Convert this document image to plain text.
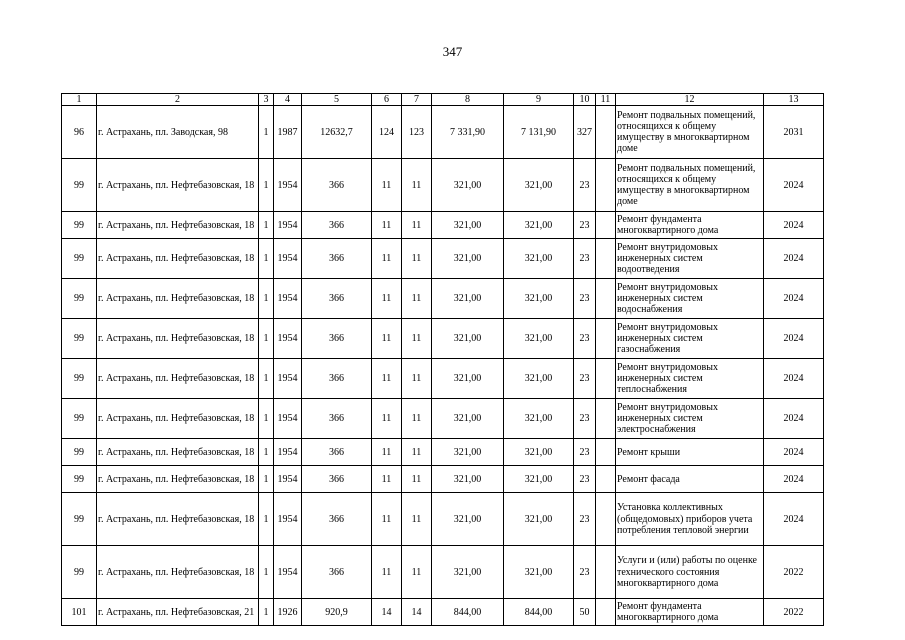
347
1	2	3	4	5	6	7	8	9	10	11	12	13
96	г. Астрахань, пл. Заводская, 98	1	1987	12632,7	124	123	7 331,90	7 131,90	327		Ремонт подвальных помещений, относящихся к общему имуществу в многоквартирном доме	2031
99	г. Астрахань, пл. Нефтебазовская, 18	1	1954	366	11	11	321,00	321,00	23		Ремонт подвальных помещений, относящихся к общему имуществу в многоквартирном доме	2024
99	г. Астрахань, пл. Нефтебазовская, 18	1	1954	366	11	11	321,00	321,00	23		Ремонт фундамента многоквартирного дома	2024
99	г. Астрахань, пл. Нефтебазовская, 18	1	1954	366	11	11	321,00	321,00	23		Ремонт внутридомовых инженерных систем водоотведения	2024
99	г. Астрахань, пл. Нефтебазовская, 18	1	1954	366	11	11	321,00	321,00	23		Ремонт внутридомовых инженерных систем водоснабжения	2024
99	г. Астрахань, пл. Нефтебазовская, 18	1	1954	366	11	11	321,00	321,00	23		Ремонт внутридомовых инженерных систем газоснабжения	2024
99	г. Астрахань, пл. Нефтебазовская, 18	1	1954	366	11	11	321,00	321,00	23		Ремонт внутридомовых инженерных систем теплоснабжения	2024
99	г. Астрахань, пл. Нефтебазовская, 18	1	1954	366	11	11	321,00	321,00	23		Ремонт внутридомовых инженерных систем электроснабжения	2024
99	г. Астрахань, пл. Нефтебазовская, 18	1	1954	366	11	11	321,00	321,00	23		Ремонт крыши	2024
99	г. Астрахань, пл. Нефтебазовская, 18	1	1954	366	11	11	321,00	321,00	23		Ремонт фасада	2024
99	г. Астрахань, пл. Нефтебазовская, 18	1	1954	366	11	11	321,00	321,00	23		Установка коллективных (общедомовых) приборов учета потребления тепловой энергии	2024
99	г. Астрахань, пл. Нефтебазовская, 18	1	1954	366	11	11	321,00	321,00	23		Услуги и (или) работы по оценке технического состояния многоквартирного дома	2022
101	г. Астрахань, пл. Нефтебазовская, 21	1	1926	920,9	14	14	844,00	844,00	50		Ремонт фундамента многоквартирного дома	2022
